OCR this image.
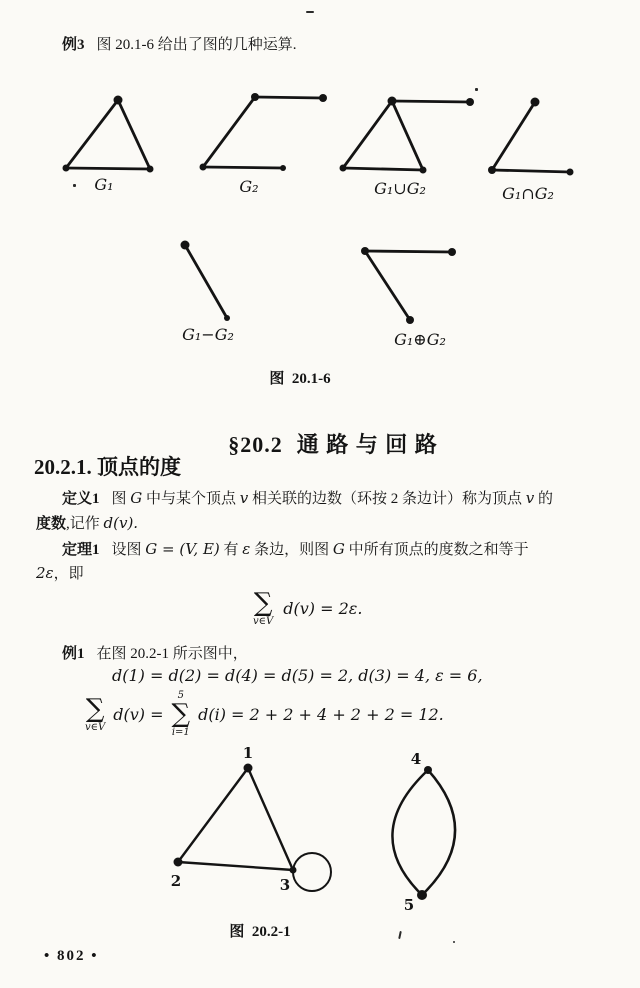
例3 图 20.1-6 给出了图的几种运算.
G₁	G₂	G₁∪G₂	G₁∩G₂
G₁−G₂	G₁⊕G₂
图  20.1-6

§20.2 通 路 与 回 路

20.2.1. 顶点的度
定义1 图 G 中与某个顶点 v 相关联的边数（环按 2 条边计）称为顶点 v 的
度数,记作 d(v).
定理1 设图 G = (V, E) 有 ε 条边，则图 G 中所有顶点的度数之和等于
2ε，即
∑
v∈V
d(v) = 2ε.
例1 在图 20.2-1 所示图中，
d(1) = d(2) = d(4) = d(5) = 2, d(3) = 4, ε = 6,
∑
v∈V
d(v) =
5
∑
i=1
d(i) = 2 + 2 + 4 + 2 + 2 = 12.
1
2	3
4
5
图  20.2-1
• 802 •
